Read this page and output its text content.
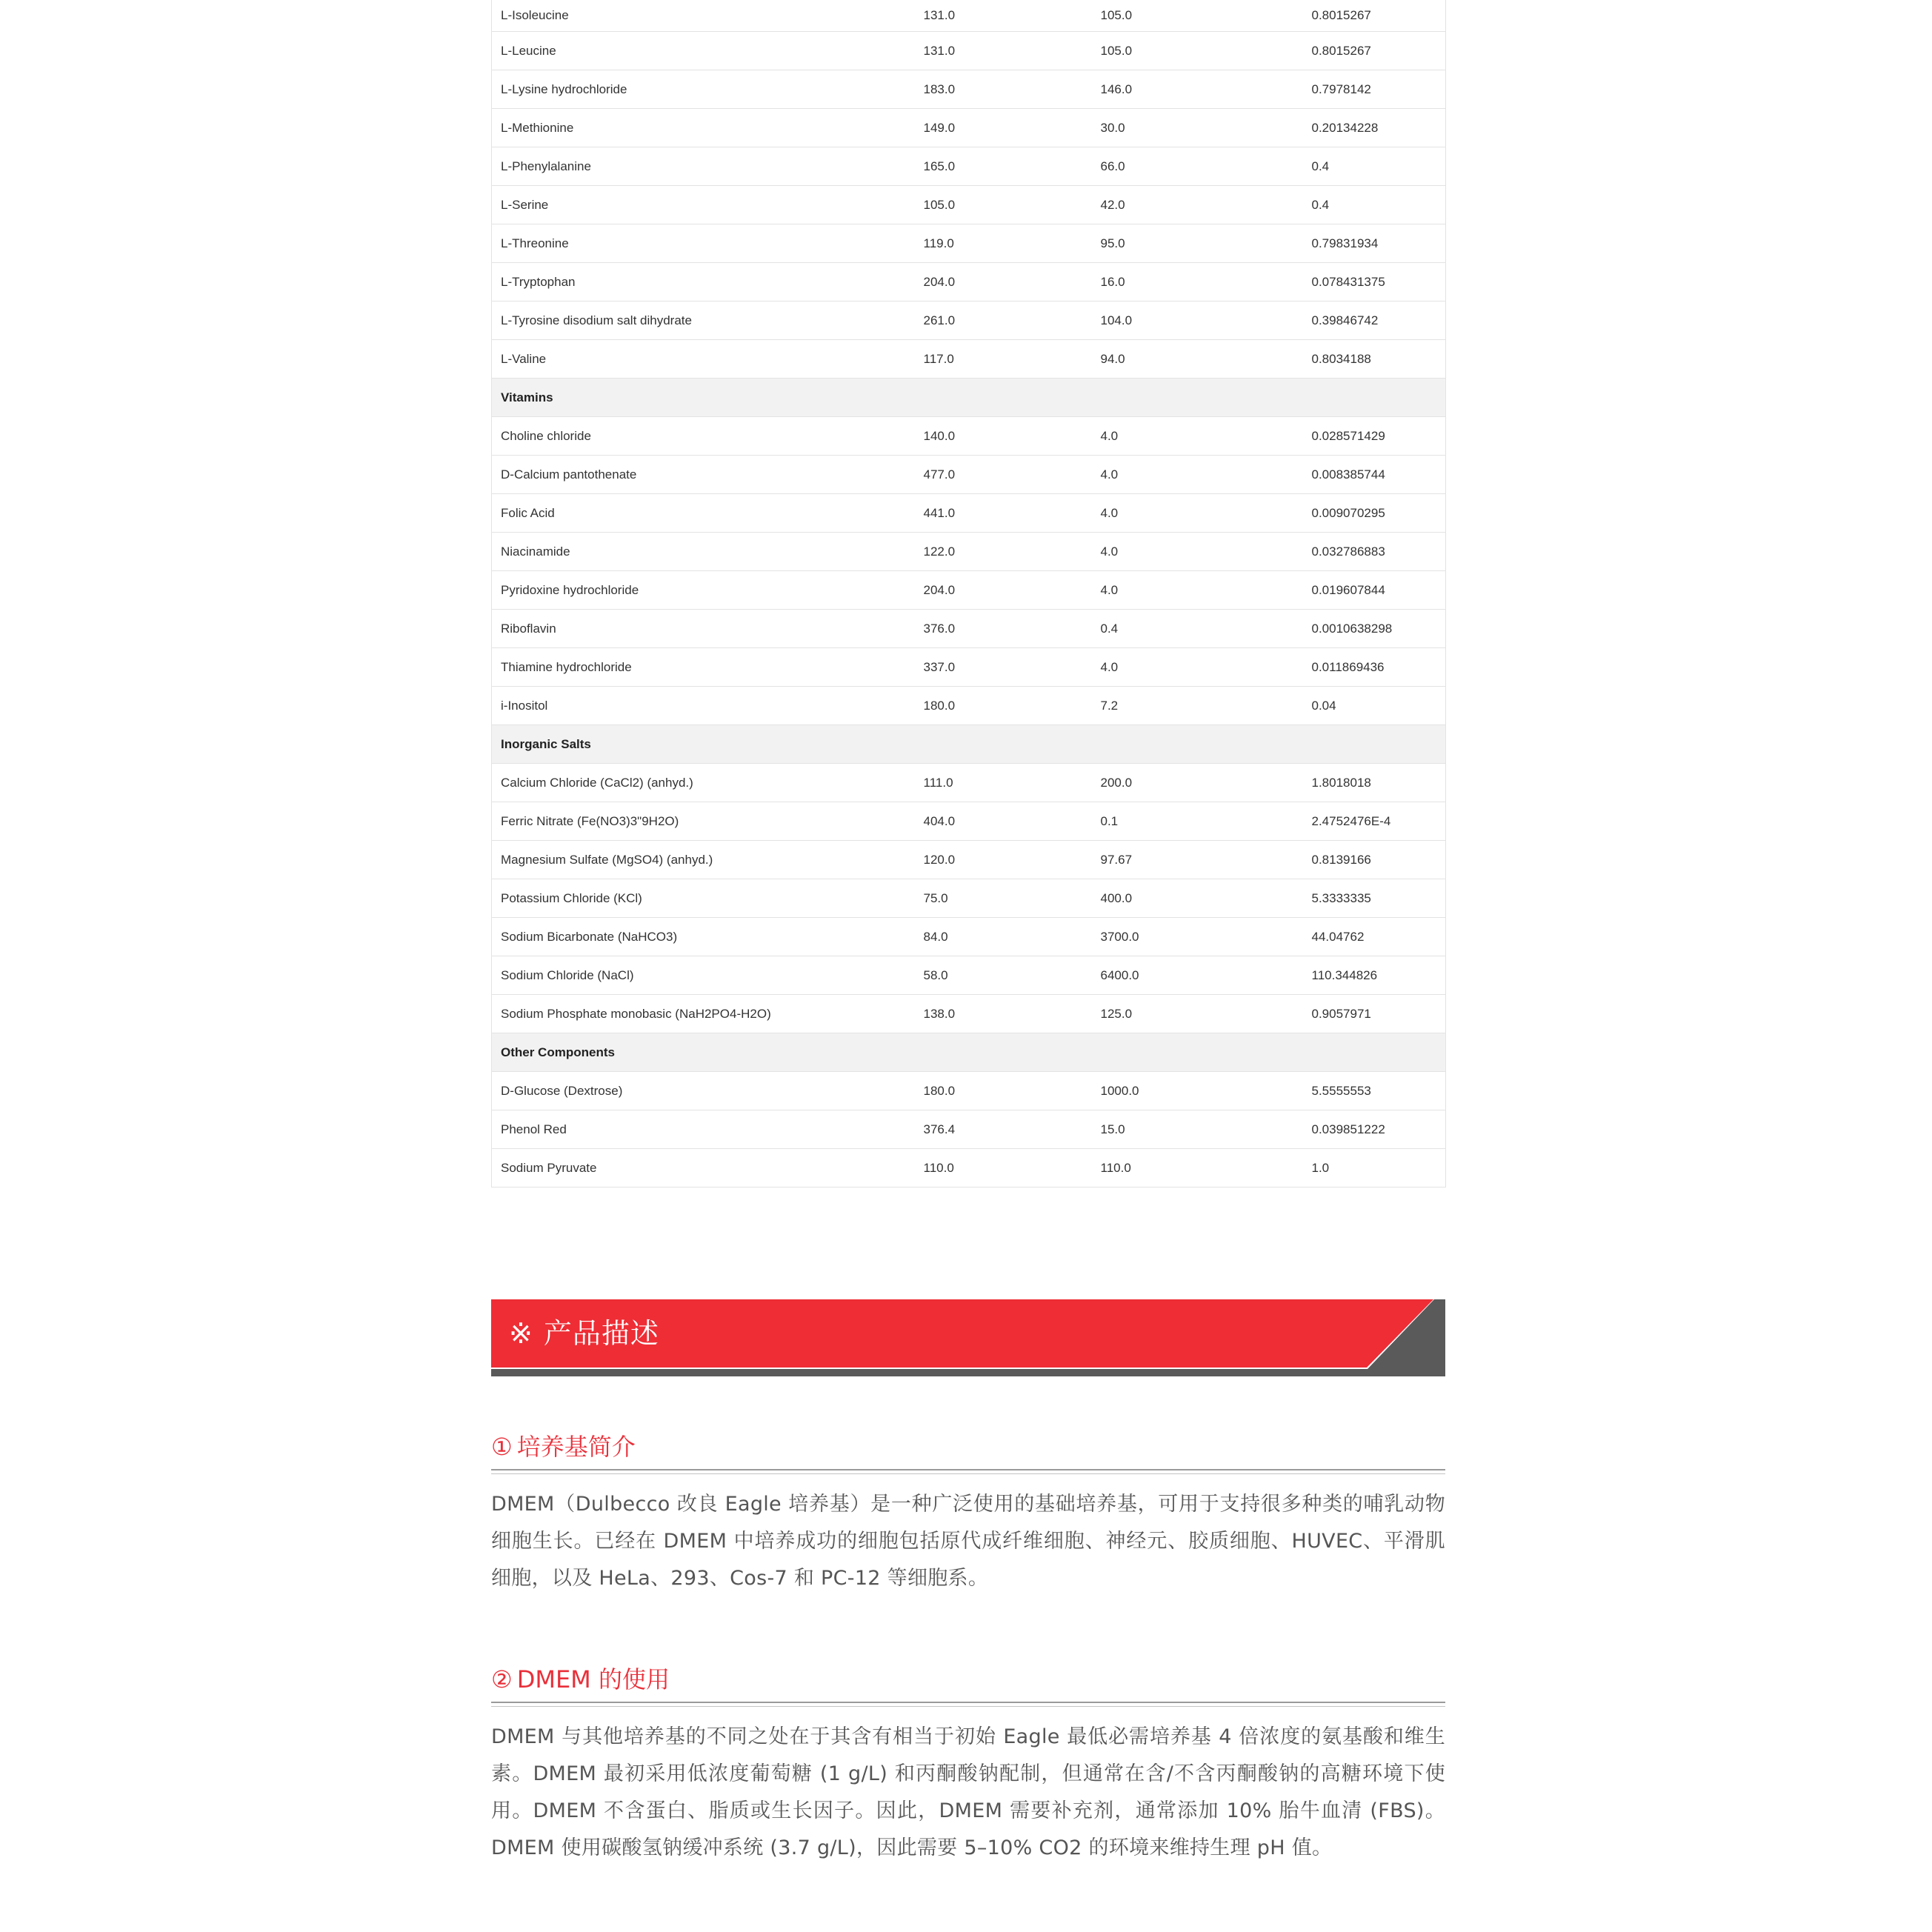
L-Isoleucine	131.0	105.0	0.8015267
L-Leucine	131.0	105.0	0.8015267
L-Lysine hydrochloride	183.0	146.0	0.7978142
L-Methionine	149.0	30.0	0.20134228
L-Phenylalanine	165.0	66.0	0.4
L-Serine	105.0	42.0	0.4
L-Threonine	119.0	95.0	0.79831934
L-Tryptophan	204.0	16.0	0.078431375
L-Tyrosine disodium salt dihydrate	261.0	104.0	0.39846742
L-Valine	117.0	94.0	0.8034188
Vitamins			
Choline chloride	140.0	4.0	0.028571429
D-Calcium pantothenate	477.0	4.0	0.008385744
Folic Acid	441.0	4.0	0.009070295
Niacinamide	122.0	4.0	0.032786883
Pyridoxine hydrochloride	204.0	4.0	0.019607844
Riboflavin	376.0	0.4	0.0010638298
Thiamine hydrochloride	337.0	4.0	0.011869436
i-Inositol	180.0	7.2	0.04
Inorganic Salts			
Calcium Chloride (CaCl2) (anhyd.)	111.0	200.0	1.8018018
Ferric Nitrate (Fe(NO3)3"9H2O)	404.0	0.1	2.4752476E-4
Magnesium Sulfate (MgSO4) (anhyd.)	120.0	97.67	0.8139166
Potassium Chloride (KCl)	75.0	400.0	5.3333335
Sodium Bicarbonate (NaHCO3)	84.0	3700.0	44.04762
Sodium Chloride (NaCl)	58.0	6400.0	110.344826
Sodium Phosphate monobasic (NaH2PO4-H2O)	138.0	125.0	0.9057971
Other Components			
D-Glucose (Dextrose)	180.0	1000.0	5.5555553
Phenol Red	376.4	15.0	0.039851222
Sodium Pyruvate	110.0	110.0	1.0
※ 产品描述
① 培养基简介
DMEM（Dulbecco 改良 Eagle 培养基）是一种广泛使用的基础培养基，可用于支持很多种类的哺乳动物细胞生长。已经在 DMEM 中培养成功的细胞包括原代成纤维细胞、神经元、胶质细胞、HUVEC、平滑肌细胞，以及 HeLa、293、Cos-7 和 PC-12 等细胞系。
② DMEM 的使用
DMEM 与其他培养基的不同之处在于其含有相当于初始 Eagle 最低必需培养基 4 倍浓度的氨基酸和维生素。DMEM 最初采用低浓度葡萄糖 (1 g/L) 和丙酮酸钠配制，但通常在含/不含丙酮酸钠的高糖环境下使用。DMEM 不含蛋白、脂质或生长因子。因此，DMEM 需要补充剂，通常添加 10% 胎牛血清 (FBS)。DMEM 使用碳酸氢钠缓冲系统 (3.7 g/L)，因此需要 5–10% CO2 的环境来维持生理 pH 值。
